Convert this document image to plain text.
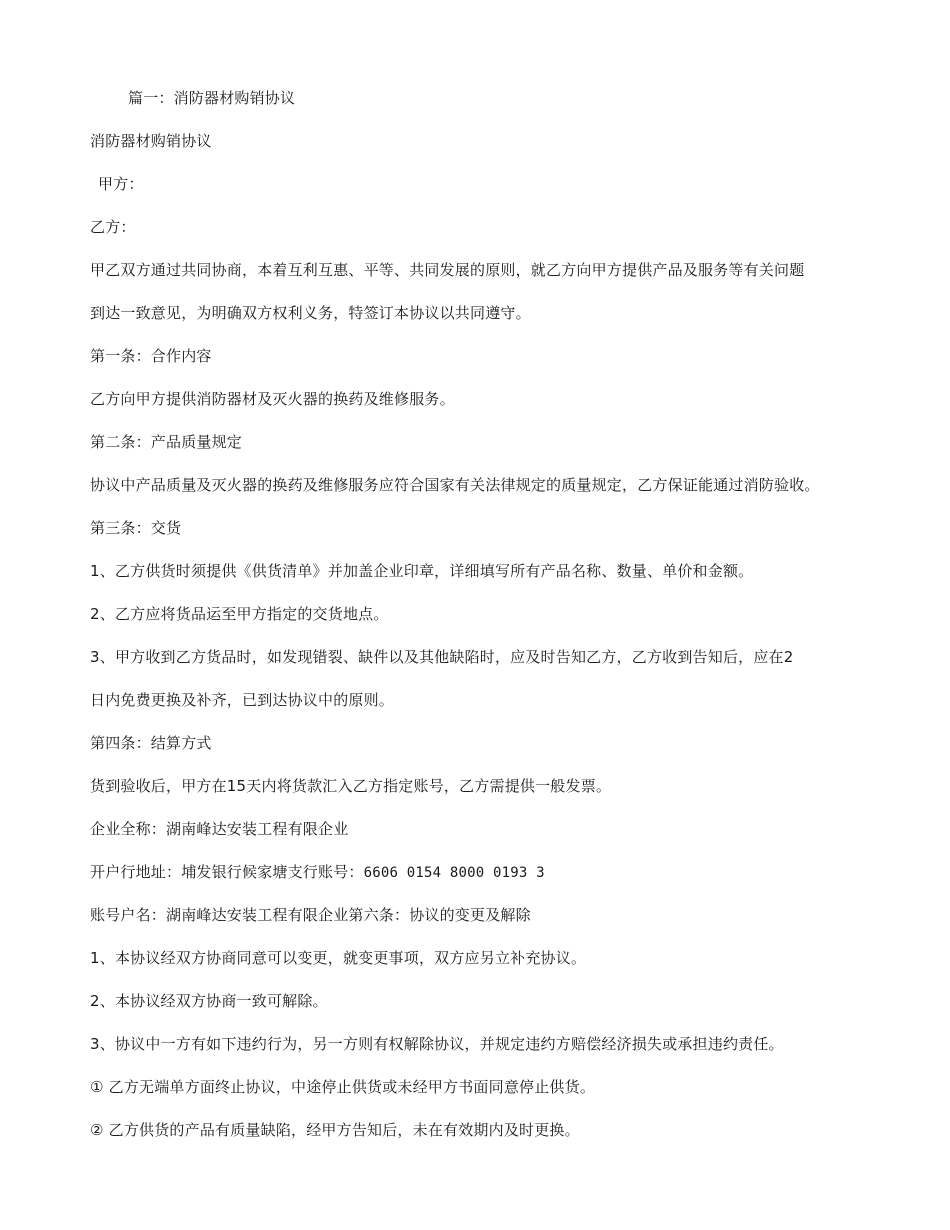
篇一：消防器材购销协议
消防器材购销协议
甲方：
乙方：
甲乙双方通过共同协商，本着互利互惠、平等、共同发展的原则，就乙方向甲方提供产品及服务等有关问题
到达一致意见，为明确双方权利义务，特签订本协议以共同遵守。
第一条：合作内容
乙方向甲方提供消防器材及灭火器的换药及维修服务。
第二条：产品质量规定
协议中产品质量及灭火器的换药及维修服务应符合国家有关法律规定的质量规定，乙方保证能通过消防验收。
第三条：交货
1、乙方供货时须提供《供货清单》并加盖企业印章，详细填写所有产品名称、数量、单价和金额。
2、乙方应将货品运至甲方指定的交货地点。
3、甲方收到乙方货品时，如发现错裂、缺件以及其他缺陷时，应及时告知乙方，乙方收到告知后，应在2
日内免费更换及补齐，已到达协议中的原则。
第四条：结算方式
货到验收后，甲方在15天内将货款汇入乙方指定账号，乙方需提供一般发票。
企业全称：湖南峰达安装工程有限企业
开户行地址：埔发银行候家塘支行账号：6606 0154 8000 0193 3
账号户名：湖南峰达安装工程有限企业第六条：协议的变更及解除
1、本协议经双方协商同意可以变更，就变更事项，双方应另立补充协议。
2、本协议经双方协商一致可解除。
3、协议中一方有如下违约行为，另一方则有权解除协议，并规定违约方赔偿经济损失或承担违约责任。
① 乙方无端单方面终止协议，中途停止供货或未经甲方书面同意停止供货。
② 乙方供货的产品有质量缺陷，经甲方告知后，未在有效期内及时更换。
